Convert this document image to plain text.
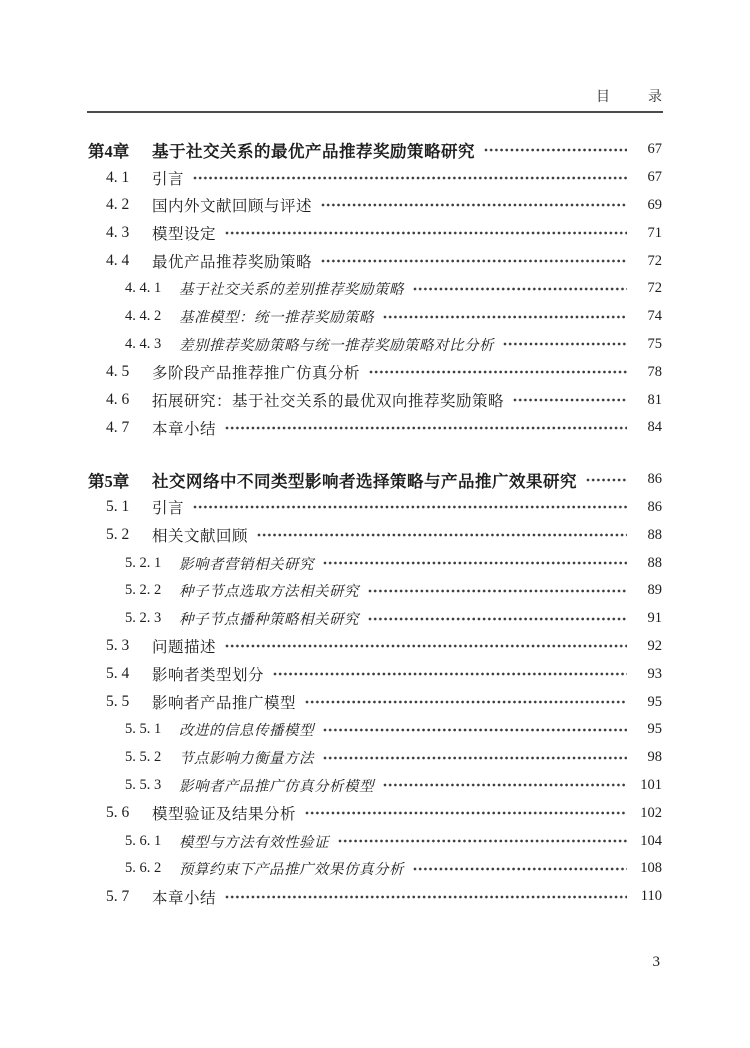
目　录
第4章	基于社交关系的最优产品推荐奖励策略研究	67
4. 1	引言	67
4. 2	国内外文献回顾与评述	69
4. 3	模型设定	71
4. 4	最优产品推荐奖励策略	72
4. 4. 1	基于社交关系的差别推荐奖励策略	72
4. 4. 2	基准模型：统一推荐奖励策略	74
4. 4. 3	差别推荐奖励策略与统一推荐奖励策略对比分析	75
4. 5	多阶段产品推荐推广仿真分析	78
4. 6	拓展研究：基于社交关系的最优双向推荐奖励策略	81
4. 7	本章小结	84
第5章	社交网络中不同类型影响者选择策略与产品推广效果研究	86
5. 1	引言	86
5. 2	相关文献回顾	88
5. 2. 1	影响者营销相关研究	88
5. 2. 2	种子节点选取方法相关研究	89
5. 2. 3	种子节点播种策略相关研究	91
5. 3	问题描述	92
5. 4	影响者类型划分	93
5. 5	影响者产品推广模型	95
5. 5. 1	改进的信息传播模型	95
5. 5. 2	节点影响力衡量方法	98
5. 5. 3	影响者产品推广仿真分析模型	101
5. 6	模型验证及结果分析	102
5. 6. 1	模型与方法有效性验证	104
5. 6. 2	预算约束下产品推广效果仿真分析	108
5. 7	本章小结	110
3
